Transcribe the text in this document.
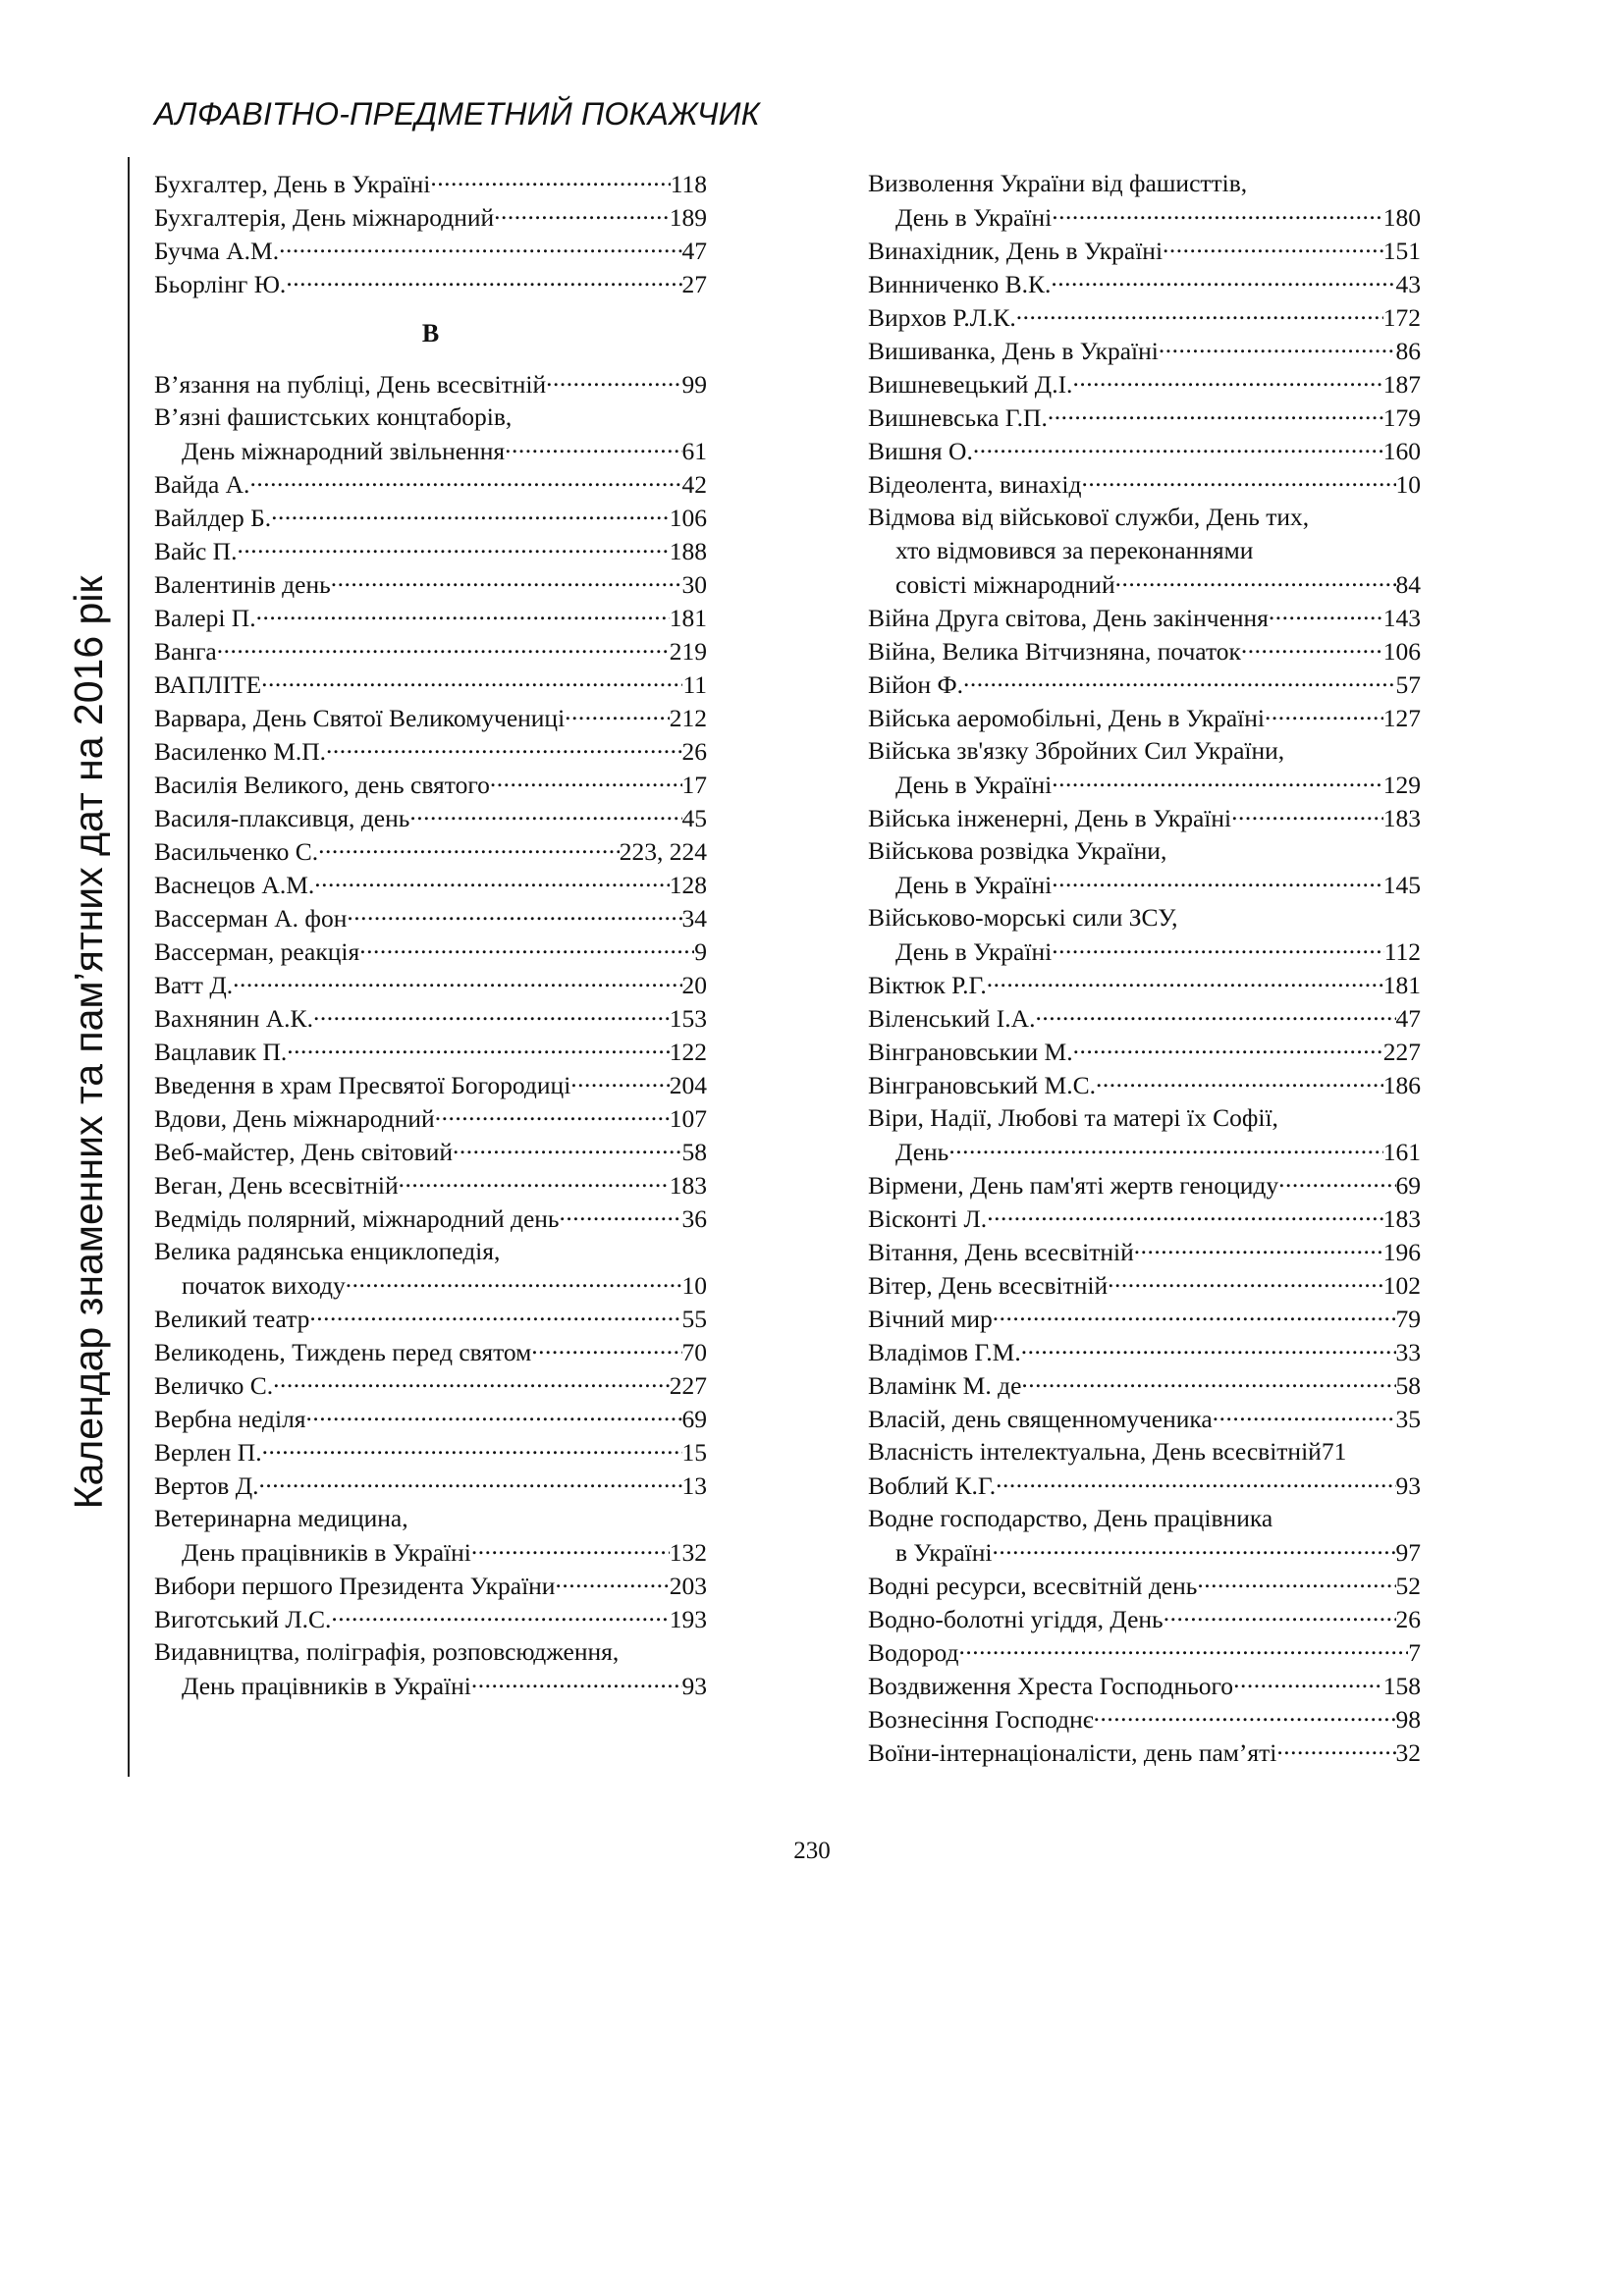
АЛФАВІТНО-ПРЕДМЕТНИЙ ПОКАЖЧИК
Календар знаменних та пам’ятних дат на 2016 рік
Бухгалтер, День в Україні .....	118
Бухгалтерія, День міжнародний .....	189
Бучма А.М. .....	47
Бьорлінг Ю. .....	27
В
В’язання на публіці, День всесвітній .....	99
В’язні фашистських концтаборів,
День міжнародний звільнення .....	61
Вайда А. .....	42
Вайлдер Б. .....	106
Вайс П. .....	188
Валентинів день .....	30
Валері П. .....	181
Ванга .....	219
ВАПЛІТЕ .....	11
Варвара, День Святої Великомучениці .....	212
Василенко М.П. .....	26
Василія Великого, день святого .....	17
Василя-плаксивця, день .....	45
Васильченко С. .....	223, 224
Васнецов А.М. .....	128
Вассерман А. фон .....	34
Вассерман, реакція .....	9
Ватт Д. .....	20
Вахнянин А.К. .....	153
Вацлавик П. .....	122
Введення в храм Пресвятої Богородиці .....	204
Вдови, День міжнародний .....	107
Веб-майстер, День світовий .....	58
Веган, День всесвітній .....	183
Ведмідь полярний, міжнародний день .....	36
Велика радянська енциклопедія,
початок виходу .....	10
Великий театр .....	55
Великодень, Тиждень перед святом .....	70
Величко С. .....	227
Вербна неділя .....	69
Верлен П. .....	15
Вертов Д. .....	13
Ветеринарна медицина,
День працівників в Україні .....	132
Вибори першого Президента України .....	203
Виготський Л.С. .....	193
Видавництва, поліграфія, розповсюдження,
День працівників в Україні .....	93
Визволення України від фашисттів,
День в Україні .....	180
Винахідник, День в Україні .....	151
Винниченко В.К. .....	43
Вирхов Р.Л.К. .....	172
Вишиванка, День в Україні .....	86
Вишневецький Д.І. .....	187
Вишневська Г.П. .....	179
Вишня О. .....	160
Відеолента, винахід .....	10
Відмова від військової служби, День тих,
хто відмовився за переконаннями
совісті міжнародний .....	84
Війна Друга світова, День закінчення .....	143
Війна, Велика Вітчизняна, початок .....	106
Війон Ф. .....	57
Війська аеромобільні, День в Україні .....	127
Війська зв'язку Збройних Сил України,
День в Україні .....	129
Війська інженерні, День в Україні .....	183
Військова розвідка України,
День в Україні .....	145
Військово-морські сили ЗСУ,
День в Україні .....	112
Віктюк Р.Г. .....	181
Віленський І.А. .....	47
Вінграновськии М. .....	227
Вінграновський М.С. .....	186
Віри, Надії, Любові та матері їх Софії,
День .....	161
Вірмени, День пам'яті жертв геноциду .....	69
Вісконті Л. .....	183
Вітання, День всесвітній .....	196
Вітер, День всесвітній .....	102
Вічний мир .....	79
Владімов Г.М. .....	33
Вламінк М. де .....	58
Власій, день священномученика .....	35
Власність інтелектуальна, День всесвітній 71
Воблий К.Г. .....	93
Водне господарство, День працівника
в Україні .....	97
Водні ресурси, всесвітній день .....	52
Водно-болотні угіддя, День .....	26
Водород .....	7
Воздвиження Хреста Господнього .....	158
Вознесіння Господнє .....	98
Воїни-інтернаціоналісти, день пам’яті .....	32
230
